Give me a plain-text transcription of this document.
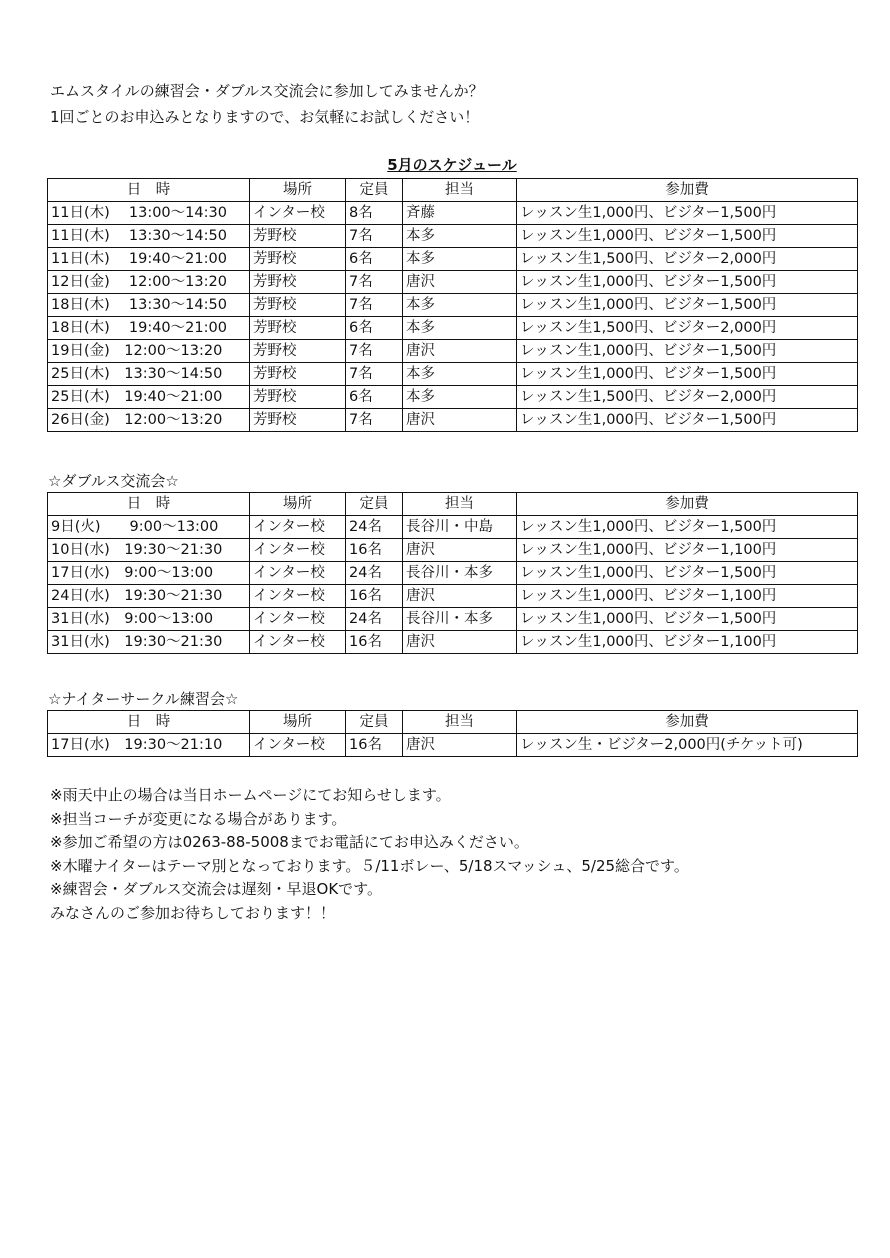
エムスタイルの練習会・ダブルス交流会に参加してみませんか？
1回ごとのお申込みとなりますので、お気軽にお試しください！
5月のスケジュール
日　時	場所	定員	担当	参加費
11日(木)　 13:00～14:30	インター校	8名	斉藤	レッスン生1,000円、ビジター1,500円
11日(木)　 13:30～14:50	芳野校	7名	本多	レッスン生1,000円、ビジター1,500円
11日(木)　 19:40～21:00	芳野校	6名	本多	レッスン生1,500円、ビジター2,000円
12日(金)　 12:00～13:20	芳野校	7名	唐沢	レッスン生1,000円、ビジター1,500円
18日(木)　 13:30～14:50	芳野校	7名	本多	レッスン生1,000円、ビジター1,500円
18日(木)　 19:40～21:00	芳野校	6名	本多	レッスン生1,500円、ビジター2,000円
19日(金)　12:00～13:20	芳野校	7名	唐沢	レッスン生1,000円、ビジター1,500円
25日(木)　13:30～14:50	芳野校	7名	本多	レッスン生1,000円、ビジター1,500円
25日(木)　19:40～21:00	芳野校	6名	本多	レッスン生1,500円、ビジター2,000円
26日(金)　12:00～13:20	芳野校	7名	唐沢	レッスン生1,000円、ビジター1,500円
☆ダブルス交流会☆
日　時	場所	定員	担当	参加費
9日(火)　　9:00～13:00	インター校	24名	長谷川・中島	レッスン生1,000円、ビジター1,500円
10日(水)　19:30～21:30	インター校	16名	唐沢	レッスン生1,000円、ビジター1,100円
17日(水)　9:00～13:00	インター校	24名	長谷川・本多	レッスン生1,000円、ビジター1,500円
24日(水)　19:30～21:30	インター校	16名	唐沢	レッスン生1,000円、ビジター1,100円
31日(水)　9:00～13:00	インター校	24名	長谷川・本多	レッスン生1,000円、ビジター1,500円
31日(水)　19:30～21:30	インター校	16名	唐沢	レッスン生1,000円、ビジター1,100円
☆ナイターサークル練習会☆
日　時	場所	定員	担当	参加費
17日(水)　19:30～21:10	インター校	16名	唐沢	レッスン生・ビジター2,000円(チケット可)
※雨天中止の場合は当日ホームページにてお知らせします。
※担当コーチが変更になる場合があります。
※参加ご希望の方は0263-88-5008までお電話にてお申込みください。
※木曜ナイターはテーマ別となっております。５/11ボレー、5/18スマッシュ、5/25総合です。
※練習会・ダブルス交流会は遅刻・早退OKです。
みなさんのご参加お待ちしております！！
